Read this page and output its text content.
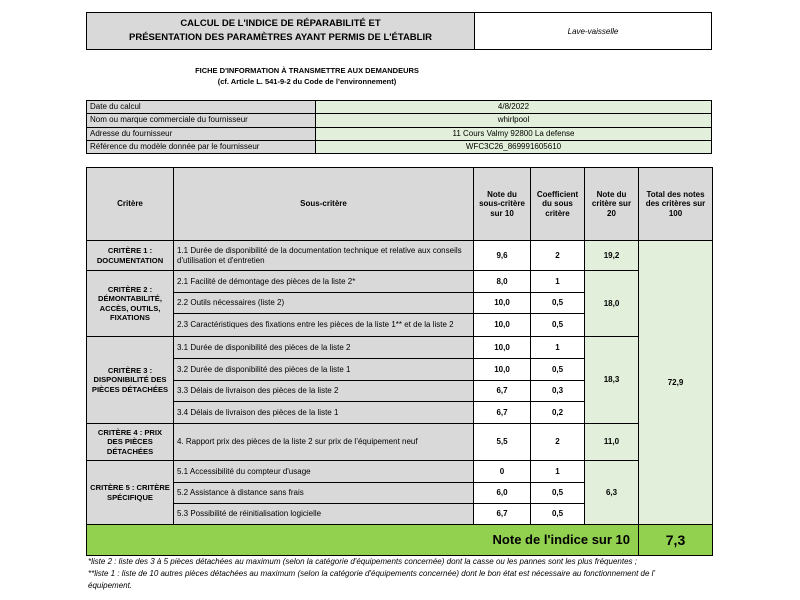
CALCUL DE L'INDICE DE RÉPARABILITÉ ET
PRÉSENTATION DES PARAMÈTRES AYANT PERMIS DE L'ÉTABLIR
	Lave-vaisselle
FICHE D'INFORMATION À TRANSMETTRE AUX DEMANDEURS
(cf. Article L. 541-9-2 du Code de l’environnement)
Date du calcul	4/8/2022
Nom ou marque commerciale du fournisseur	whirlpool
Adresse du fournisseur	11 Cours Valmy 92800 La defense
Référence du modèle donnée par le fournisseur	WFC3C26_869991605610
Critère	Sous-critère	Note du sous-critère sur 10	Coefficient du sous critère	Note du critère sur 20	Total des notes des critères sur 100
CRITÈRE 1 : DOCUMENTATION	1.1 Durée de disponibilité de la documentation technique et relative aux conseils d'utilisation et d'entretien	9,6	2	19,2	72,9
CRITÈRE 2 : DÉMONTABILITÉ, ACCÈS, OUTILS, FIXATIONS	2.1 Facilité de démontage des pièces de la liste 2*	8,0	1	18,0	
	2.2 Outils nécessaires (liste 2)	10,0	0,5		
	2.3 Caractéristiques des fixations entre les pièces de la liste 1** et de la liste 2	10,0	0,5		
CRITÈRE 3 : DISPONIBILITÉ DES PIÈCES DÉTACHÉES	3.1 Durée de disponibilité des pièces de la liste 2	10,0	1	18,3	
	3.2 Durée de disponibilité des pièces de la liste 1	10,0	0,5		
	3.3 Délais de livraison des pièces de la liste 2	6,7	0,3		
	3.4 Délais de livraison des pièces de la liste 1	6,7	0,2		
CRITÈRE 4 : PRIX DES PIÈCES DÉTACHÉES	4. Rapport prix des pièces de la liste 2 sur prix de l’équipement neuf	5,5	2	11,0	
CRITÈRE 5 : CRITÈRE SPÉCIFIQUE	5.1 Accessibilité du compteur d'usage	0	1	6,3	
	5.2 Assistance à distance sans frais	6,0	0,5		
	5.3 Possibilité de réinitialisation logicielle	6,7	0,5		
Note de l'indice sur 10					7,3
*liste 2 : liste des 3 à 5 pièces détachées au maximum (selon la catégorie d'équipements concernée) dont la casse ou les pannes sont les plus fréquentes ;
**liste 1 : liste de 10 autres pièces détachées au maximum (selon la catégorie d'équipements concernée) dont le bon état est nécessaire au fonctionnement de l’
équipement.
